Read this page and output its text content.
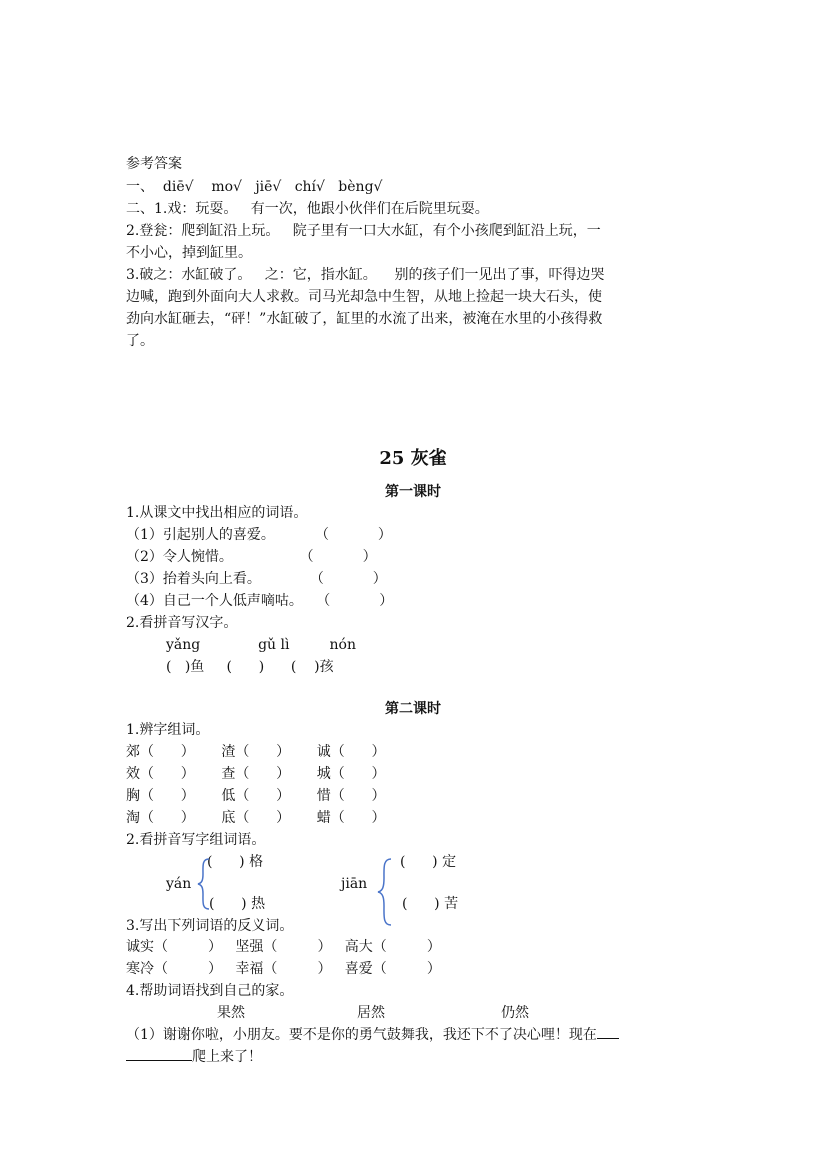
参考答案
一、  diē√    mo√   jiē√   chí√   bèng√
二、1.戏：玩耍。   有一次，他跟小伙伴们在后院里玩耍。
2.登瓮：爬到缸沿上玩。   院子里有一口大水缸，有个小孩爬到缸沿上玩，一
不小心，掉到缸里。
3.破之：水缸破了。   之：它，指水缸。    别的孩子们一见出了事，吓得边哭
边喊，跑到外面向大人求救。司马光却急中生智，从地上捡起一块大石头，使
劲向水缸砸去，“砰！”水缸破了，缸里的水流了出来，被淹在水里的小孩得救
了。
25 灰雀
第一课时
1.从课文中找出相应的词语。
（1）引起别人的喜爱。         （           ）
（2）令人惋惜。               （           ）
（3）抬着头向上看。           （           ）
（4）自己一个人低声嘀咕。   （           ）
2.看拼音写汉字。
yǎng             gǔ lì         nón
(   )鱼     (      )      (    )孩
第二课时
1.辨字组词。
郊（      ）      渣（      ）      诚（      ）
效（      ）      查（      ）      城（      ）
胸（      ）      低（      ）      惜（      ）
淘（      ）      底（      ）      蜡（      ）
2.看拼音写字组词语。
(      ) 格
yán
(      ) 热
(      ) 定
jiān
(      ) 苦
3.写出下列词语的反义词。
诚实（         ）   坚强（         ）   高大（         ）
寒冷（         ）   幸福（         ）   喜爱（         ）
4.帮助词语找到自己的家。
果然	居然	仍然
（1）谢谢你啦，小朋友。要不是你的勇气鼓舞我，我还下不了决心哩！现在
爬上来了！
